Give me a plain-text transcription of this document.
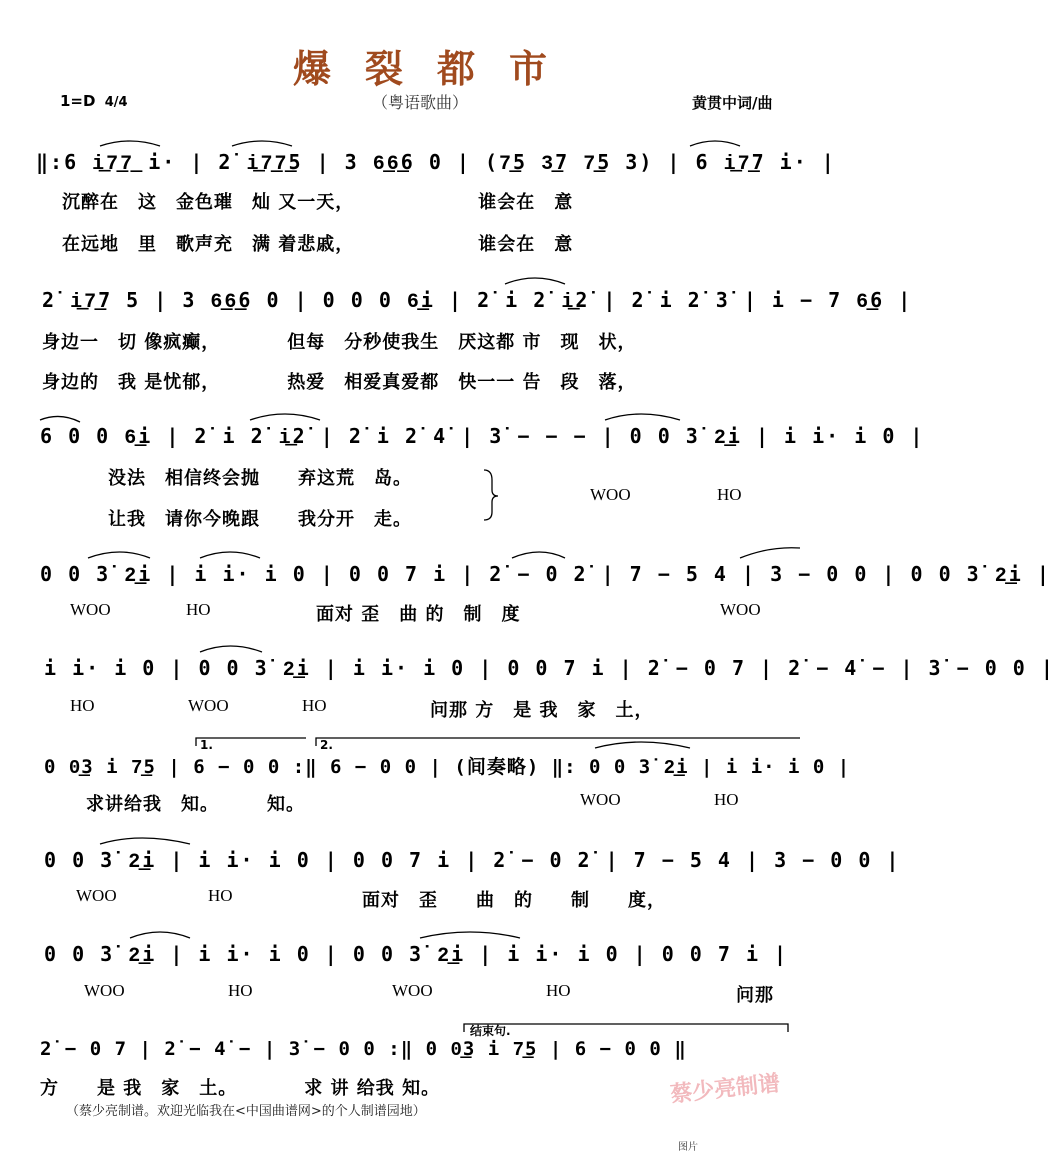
爆裂都市
1=D 4/4	（粤语歌曲）	黄贯中词/曲
‖:6 i͟7͟7͟ i· | 2̇ i͟7͟7͟5 | 3 6͟6͟6 0 | (7͟5 3͟7 7͟5 3) | 6 i͟7͟7 i· |
沉醉在　这　金色璀　灿 又一天，　　　　　　　谁会在　意
在远地　里　歌声充　满 着悲戚，　　　　　　　谁会在　意
2̇ i͟7͟7 5 | 3 6͟6͟6 0 | 0 0 0 6͟i | 2̇ i 2̇ i͟2̇ | 2̇ i 2̇ 3̇ | i − 7 6͟6 |
身边一　切 像疯癫，　　　　但每　分秒使我生　厌这都 市　现　状，
身边的　我 是忧郁，　　　　热爱　相爱真爱都　快一一 告　段　落，
6 0 0 6͟i | 2̇ i 2̇ i͟2̇ | 2̇ i 2̇ 4̇ | 3̇ − − − | 0 0 3̇ 2͟i | i i· i 0 |
没法　相信终会抛　　弃这荒　岛。
让我　请你今晚跟　　我分开　走。
WOO	HO
0 0 3̇ 2͟i | i i· i 0 | 0 0 7 i | 2̇ − 0 2̇ | 7 − 5 4 | 3 − 0 0 | 0 0 3̇ 2͟i |
WOO	HO	面对 歪　曲 的　制　度	WOO
i i· i 0 | 0 0 3̇ 2͟i | i i· i 0 | 0 0 7 i | 2̇ − 0 7 | 2̇ − 4̇ − | 3̇ − 0 0 |
HO	WOO	HO	问那 方　是 我　家　土，
1.	2.
0 0͟3 i 7͟5 | 6 − 0 0 :‖ 6 − 0 0 | (间奏略) ‖: 0 0 3̇ 2͟i | i i· i 0 |
求讲给我　知。　　　知。	WOO	HO
0 0 3̇ 2͟i | i i· i 0 | 0 0 7 i | 2̇ − 0 2̇ | 7 − 5 4 | 3 − 0 0 |
WOO	HO	面对　歪　　曲　的　　制　　度，
0 0 3̇ 2͟i | i i· i 0 | 0 0 3̇ 2͟i | i i· i 0 | 0 0 7 i |
WOO	HO	WOO	HO	问那
结束句.
2̇ − 0 7 | 2̇ − 4̇ − | 3̇ − 0 0 :‖ 0 0͟3 i 7͟5 | 6 − 0 0 ‖
方　　是 我　家　土。　　　　求 讲 给我 知。
（蔡少亮制谱。欢迎光临我在<中国曲谱网>的个人制谱园地）
蔡少亮制谱
图片
